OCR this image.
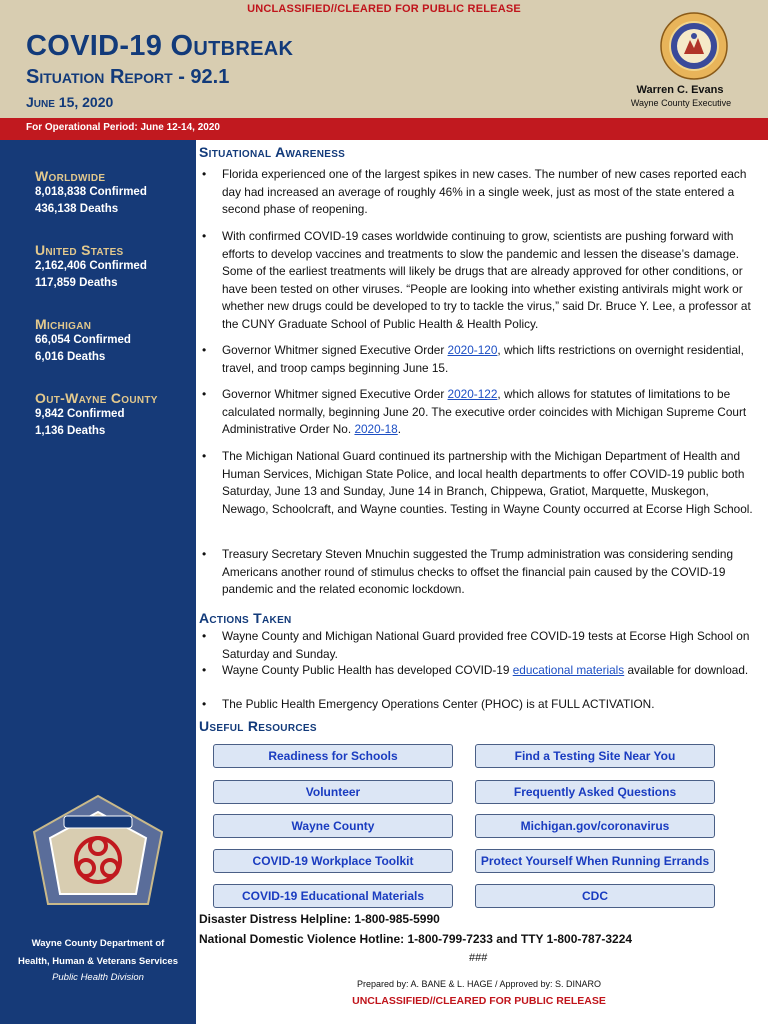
UNCLASSIFIED//CLEARED FOR PUBLIC RELEASE
COVID-19 Outbreak
Situation Report - 92.1
June 15, 2020
Warren C. Evans
Wayne County Executive
For Operational Period: June 12-14, 2020
Worldwide
8,018,838 Confirmed
436,138 Deaths
United States
2,162,406 Confirmed
117,859 Deaths
Michigan
66,054 Confirmed
6,016 Deaths
Out-Wayne County
9,842 Confirmed
1,136 Deaths
Wayne County Department of
Health, Human & Veterans Services
Public Health Division
Situational Awareness
• Florida experienced one of the largest spikes in new cases. The number of new cases reported each day had increased an average of roughly 46% in a single week, just as most of the state entered a second phase of reopening.
• With confirmed COVID-19 cases worldwide continuing to grow, scientists are pushing forward with efforts to develop vaccines and treatments to slow the pandemic and lessen the disease’s damage. Some of the earliest treatments will likely be drugs that are already approved for other conditions, or have been tested on other viruses. “People are looking into whether existing antivirals might work or whether new drugs could be developed to try to tackle the virus,” said Dr. Bruce Y. Lee, a professor at the CUNY Graduate School of Public Health & Health Policy.
• Governor Whitmer signed Executive Order 2020-120, which lifts restrictions on overnight residential, travel, and troop camps beginning June 15.
• Governor Whitmer signed Executive Order 2020-122, which allows for statutes of limitations to be calculated normally, beginning June 20. The executive order coincides with Michigan Supreme Court Administrative Order No. 2020-18.
• The Michigan National Guard continued its partnership with the Michigan Department of Health and Human Services, Michigan State Police, and local health departments to offer COVID-19 public both Saturday, June 13 and Sunday, June 14 in Branch, Chippewa, Gratiot, Marquette, Muskegon, Newago, Schoolcraft, and Wayne counties. Testing in Wayne County occurred at Ecorse High School.
• Treasury Secretary Steven Mnuchin suggested the Trump administration was considering sending Americans another round of stimulus checks to offset the financial pain caused by the COVID-19 pandemic and the related economic lockdown.
Actions Taken
• Wayne County and Michigan National Guard provided free COVID-19 tests at Ecorse High School on Saturday and Sunday.
• Wayne County Public Health has developed COVID-19 educational materials available for download.
• The Public Health Emergency Operations Center (PHOC) is at FULL ACTIVATION.
Useful Resources
Readiness for Schools	Find a Testing Site Near You
Volunteer	Frequently Asked Questions
Wayne County	Michigan.gov/coronavirus
COVID-19 Workplace Toolkit	Protect Yourself When Running Errands
COVID-19 Educational Materials	CDC
Disaster Distress Helpline: 1-800-985-5990
National Domestic Violence Hotline: 1-800-799-7233 and TTY 1-800-787-3224
###
Prepared by: A. BANE & L. HAGE / Approved by: S. DINARO
UNCLASSIFIED//CLEARED FOR PUBLIC RELEASE
